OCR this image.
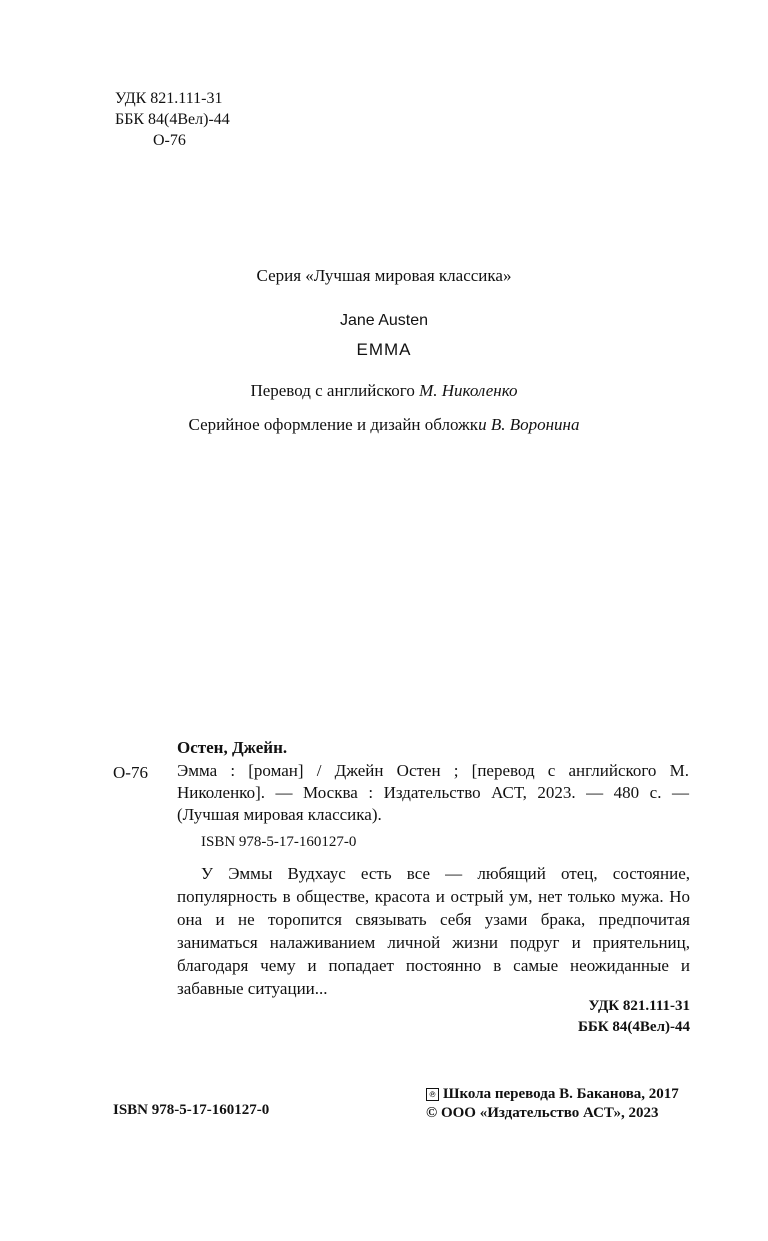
УДК 821.111-31
ББК 84(4Вел)-44
О-76
Серия «Лучшая мировая классика»
Jane Austen
EMMA
Перевод с английского М. Николенко
Серийное оформление и дизайн обложки В. Воронина
Остен, Джейн.
О-76 Эмма : [роман] / Джейн Остен ; [перевод с английского М. Николенко]. — Москва : Издательство АСТ, 2023. — 480 с. — (Лучшая мировая классика).
ISBN 978-5-17-160127-0

У Эммы Вудхаус есть все — любящий отец, состояние, популярность в обществе, красота и острый ум, нет только мужа. Но она и не торопится связывать себя узами брака, предпочитая заниматься налаживанием личной жизни подруг и приятельниц, благодаря чему и попадает постоянно в самые неожиданные и забавные ситуации...

УДК 821.111-31
ББК 84(4Вел)-44
ISBN 978-5-17-160127-0
℗ Школа перевода В. Баканова, 2017
© ООО «Издательство АСТ», 2023
